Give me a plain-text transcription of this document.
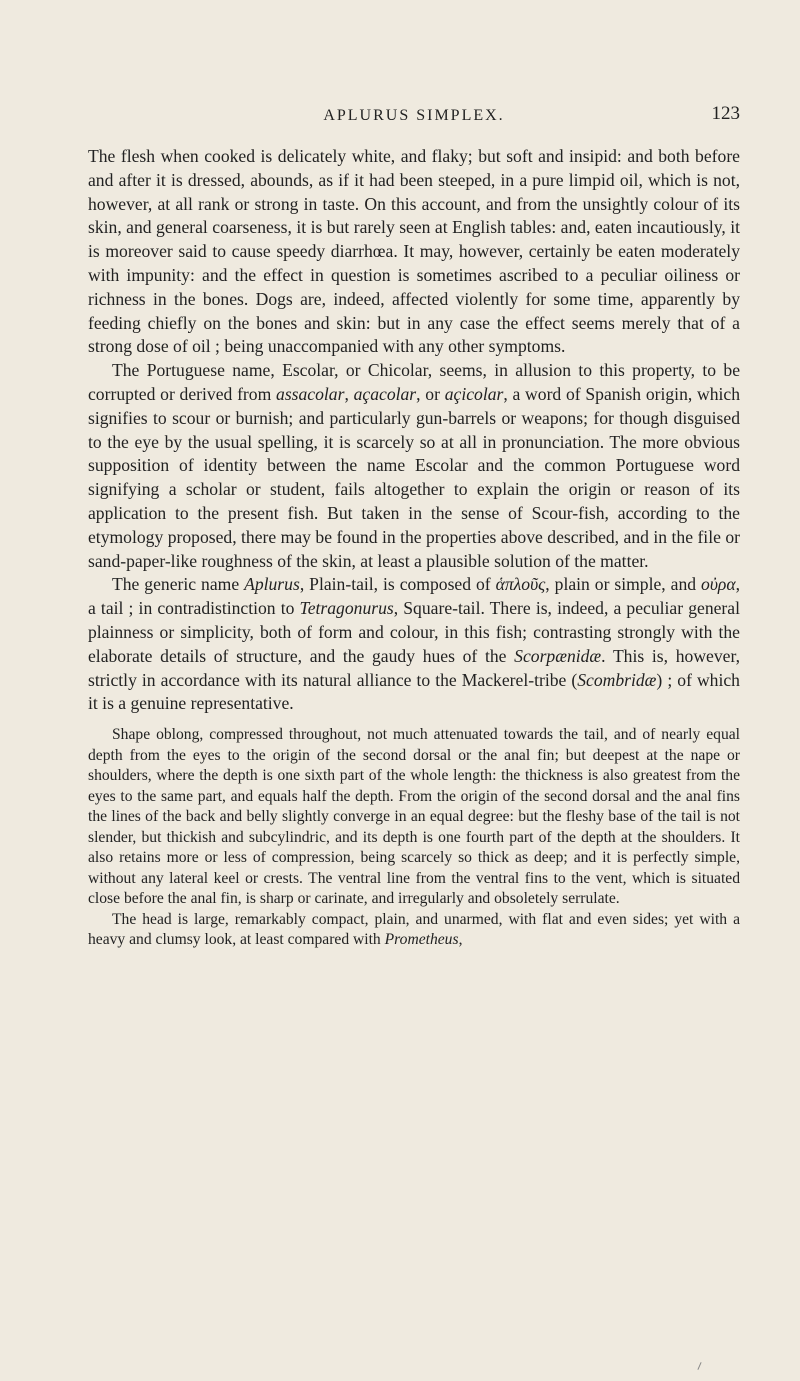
APLURUS SIMPLEX.	123

The flesh when cooked is delicately white, and flaky; but soft and insipid: and both before and after it is dressed, abounds, as if it had been steeped, in a pure limpid oil, which is not, however, at all rank or strong in taste. On this account, and from the unsightly colour of its skin, and general coarseness, it is but rarely seen at English tables: and, eaten incautiously, it is moreover said to cause speedy diarrhœa. It may, however, certainly be eaten moderately with impunity: and the effect in question is sometimes ascribed to a peculiar oiliness or richness in the bones. Dogs are, indeed, affected violently for some time, apparently by feeding chiefly on the bones and skin: but in any case the effect seems merely that of a strong dose of oil ; being unaccompanied with any other symptoms.

The Portuguese name, Escolar, or Chicolar, seems, in allusion to this property, to be corrupted or derived from assacolar, açacolar, or açicolar, a word of Spanish origin, which signifies to scour or burnish; and particularly gun-barrels or weapons; for though disguised to the eye by the usual spelling, it is scarcely so at all in pronunciation. The more obvious supposition of identity between the name Escolar and the common Portuguese word signifying a scholar or student, fails altogether to explain the origin or reason of its application to the present fish. But taken in the sense of Scour-fish, according to the etymology proposed, there may be found in the properties above described, and in the file or sand-paper-like roughness of the skin, at least a plausible solution of the matter.

The generic name Aplurus, Plain-tail, is composed of ἁπλοῦς, plain or simple, and οὐρα, a tail ; in contradistinction to Tetragonurus, Square-tail. There is, indeed, a peculiar general plainness or simplicity, both of form and colour, in this fish; contrasting strongly with the elaborate details of structure, and the gaudy hues of the Scorpænidæ. This is, however, strictly in accordance with its natural alliance to the Mackerel-tribe (Scombridæ) ; of which it is a genuine representative.

Shape oblong, compressed throughout, not much attenuated towards the tail, and of nearly equal depth from the eyes to the origin of the second dorsal or the anal fin; but deepest at the nape or shoulders, where the depth is one sixth part of the whole length: the thickness is also greatest from the eyes to the same part, and equals half the depth. From the origin of the second dorsal and the anal fins the lines of the back and belly slightly converge in an equal degree: but the fleshy base of the tail is not slender, but thickish and subcylindric, and its depth is one fourth part of the depth at the shoulders. It also retains more or less of compression, being scarcely so thick as deep; and it is perfectly simple, without any lateral keel or crests. The ventral line from the ventral fins to the vent, which is situated close before the anal fin, is sharp or carinate, and irregularly and obsoletely serrulate.

The head is large, remarkably compact, plain, and unarmed, with flat and even sides; yet with a heavy and clumsy look, at least compared with Prometheus,
